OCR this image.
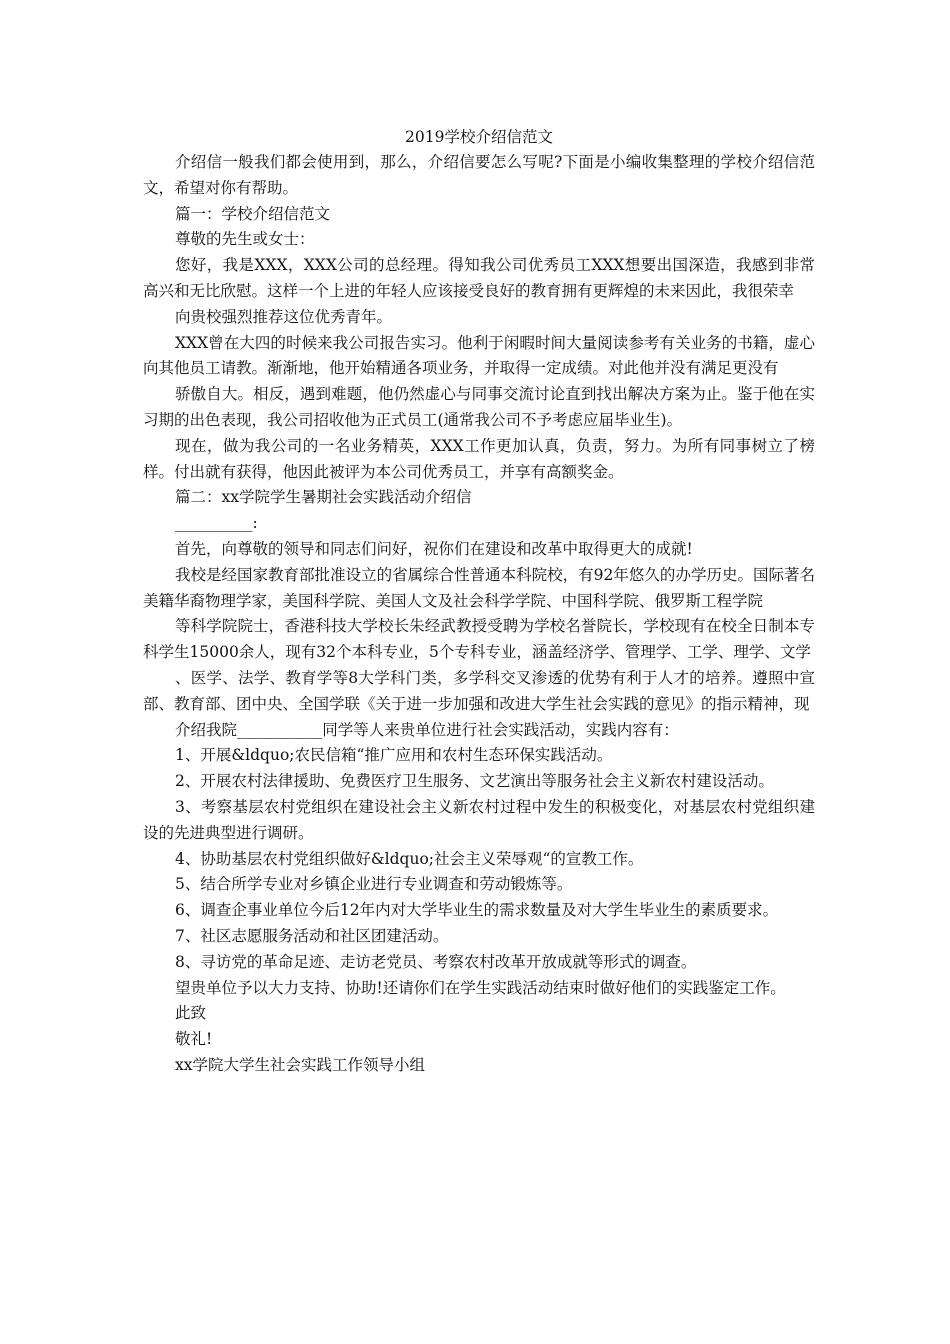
2019学校介绍信范文

介绍信一般我们都会使用到，那么，介绍信要怎么写呢?下面是小编收集整理的学校介绍信范文，希望对你有帮助。

篇一：学校介绍信范文

尊敬的先生或女士：

您好，我是XXX，XXX公司的总经理。得知我公司优秀员工XXX想要出国深造，我感到非常高兴和无比欣慰。这样一个上进的年轻人应该接受良好的教育拥有更辉煌的未来因此，我很荣幸

向贵校强烈推荐这位优秀青年。

XXX曾在大四的时候来我公司报告实习。他利于闲暇时间大量阅读参考有关业务的书籍，虚心向其他员工请教。渐渐地，他开始精通各项业务，并取得一定成绩。对此他并没有满足更没有

骄傲自大。相反，遇到难题，他仍然虚心与同事交流讨论直到找出解决方案为止。鉴于他在实习期的出色表现，我公司招收他为正式员工(通常我公司不予考虑应届毕业生)。

现在，做为我公司的一名业务精英，XXX工作更加认真，负责，努力。为所有同事树立了榜样。付出就有获得，他因此被评为本公司优秀员工，并享有高额奖金。

篇二：xx学院学生暑期社会实践活动介绍信

__________:

首先，向尊敬的领导和同志们问好，祝你们在建设和改革中取得更大的成就!

我校是经国家教育部批准设立的省属综合性普通本科院校，有92年悠久的办学历史。国际著名美籍华裔物理学家，美国科学院、美国人文及社会科学学院、中国科学院、俄罗斯工程学院

等科学院院士，香港科技大学校长朱经武教授受聘为学校名誉院长，学校现有在校全日制本专科学生15000余人，现有32个本科专业，5个专科专业，涵盖经济学、管理学、工学、理学、文学

、医学、法学、教育学等8大学科门类，多学科交叉渗透的优势有利于人才的培养。遵照中宣部、教育部、团中央、全国学联《关于进一步加强和改进大学生社会实践的意见》的指示精神，现

介绍我院___________同学等人来贵单位进行社会实践活动，实践内容有：

1、开展&ldquo;农民信箱“推广应用和农村生态环保实践活动。

2、开展农村法律援助、免费医疗卫生服务、文艺演出等服务社会主义新农村建设活动。

3、考察基层农村党组织在建设社会主义新农村过程中发生的积极变化，对基层农村党组织建设的先进典型进行调研。

4、协助基层农村党组织做好&ldquo;社会主义荣辱观“的宣教工作。

5、结合所学专业对乡镇企业进行专业调查和劳动锻炼等。

6、调查企事业单位今后12年内对大学毕业生的需求数量及对大学生毕业生的素质要求。

7、社区志愿服务活动和社区团建活动。

8、寻访党的革命足迹、走访老党员、考察农村改革开放成就等形式的调查。

望贵单位予以大力支持、协助!还请你们在学生实践活动结束时做好他们的实践鉴定工作。

此致

敬礼!

xx学院大学生社会实践工作领导小组
